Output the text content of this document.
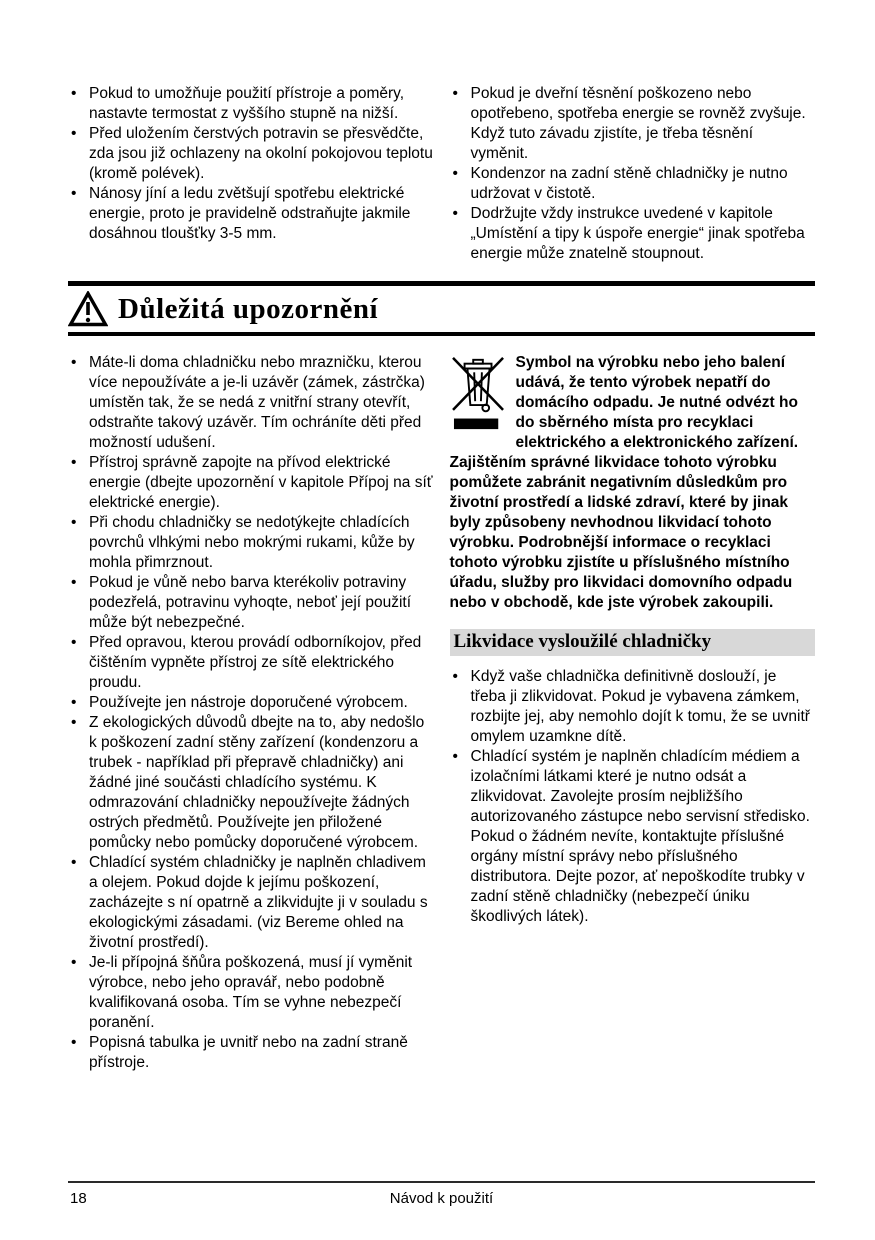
• Pokud to umožňuje použití přístroje a poměry, nastavte termostat z vyššího stupně na nižší.
• Před uložením čerstvých potravin se přesvědčte, zda jsou již ochlazeny na okolní pokojovou teplotu (kromě polévek).
• Nánosy jíní a ledu zvětšují spotřebu elektrické energie, proto je pravidelně odstraňujte jakmile dosáhnou tloušťky 3-5 mm.
• Pokud je dveřní těsnění poškozeno nebo opotřebeno, spotřeba energie se rovněž zvyšuje. Když tuto závadu zjistíte, je třeba těsnění vyměnit.
• Kondenzor na zadní stěně chladničky je nutno udržovat v čistotě.
• Dodržujte vždy instrukce uvedené v kapitole „Umístění a tipy k úspoře energie“ jinak spotřeba energie může znatelně stoupnout.
Důležitá upozornění
• Máte-li doma chladničku nebo mrazničku, kterou více nepoužíváte a je-li uzávěr (zámek, zástrčka) umístěn tak, že se nedá z vnitřní strany otevřít, odstraňte takový uzávěr. Tím ochráníte děti před možností udušení.
• Přístroj správně zapojte na přívod elektrické energie (dbejte upozornění v kapitole Přípoj na síť elektrické energie).
• Při chodu chladničky se nedotýkejte chladících povrchů vlhkými nebo mokrými rukami, kůže by mohla přimrznout.
• Pokud je vůně nebo barva kterékoliv potraviny podezřelá, potravinu vyhoqte, neboť její použití může být nebezpečné.
• Před opravou, kterou provádí odborníkojov, před čištěním vypněte přístroj ze sítě elektrického proudu.
• Používejte jen nástroje doporučené výrobcem.
• Z ekologických důvodů dbejte na to, aby nedošlo k poškození zadní stěny zařízení (kondenzoru a trubek - například při přepravě chladničky) ani žádné jiné součásti chladícího systému. K odmrazování chladničky nepoužívejte žádných ostrých předmětů. Používejte jen přiložené pomůcky nebo pomůcky doporučené výrobcem.
• Chladící systém chladničky je naplněn chladivem a olejem. Pokud dojde k jejímu poškození, zacházejte s ní opatrně a zlikvidujte ji v souladu s ekologickými zásadami. (viz Bereme ohled na životní prostředí).
• Je-li přípojná šňůra poškozená, musí jí vyměnit výrobce, nebo jeho opravář, nebo podobně kvalifikovaná osoba. Tím se vyhne nebezpečí poranění.
• Popisná tabulka je uvnitř nebo na zadní straně přístroje.

Symbol na výrobku nebo jeho balení udává, že tento výrobek nepatří do domácího odpadu. Je nutné odvézt ho do sběrného místa pro recyklaci elektrického a elektronického zařízení. Zajištěním správné likvidace tohoto výrobku pomůžete zabránit negativním důsledkům pro životní prostředí a lidské zdraví, které by jinak byly způsobeny nevhodnou likvidací tohoto výrobku. Podrobnější informace o recyklaci tohoto výrobku zjistíte u příslušného místního úřadu, služby pro likvidaci domovního odpadu nebo v obchodě, kde jste výrobek zakoupili.

Likvidace vysloužilé chladničky
• Když vaše chladnička definitivně doslouží, je třeba ji zlikvidovat. Pokud je vybavena zámkem, rozbijte jej, aby nemohlo dojít k tomu, že se uvnitř omylem uzamkne dítě.
• Chladící systém je naplněn chladícím médiem a izolačními látkami které je nutno odsát a zlikvidovat. Zavolejte prosím nejbližšího autorizovaného zástupce nebo servisní středisko. Pokud o žádném nevíte, kontaktujte příslušné orgány místní správy nebo příslušného distributora. Dejte pozor, ať nepoškodíte trubky v zadní stěně chladničky (nebezpečí úniku škodlivých látek).
18	Návod k použití
